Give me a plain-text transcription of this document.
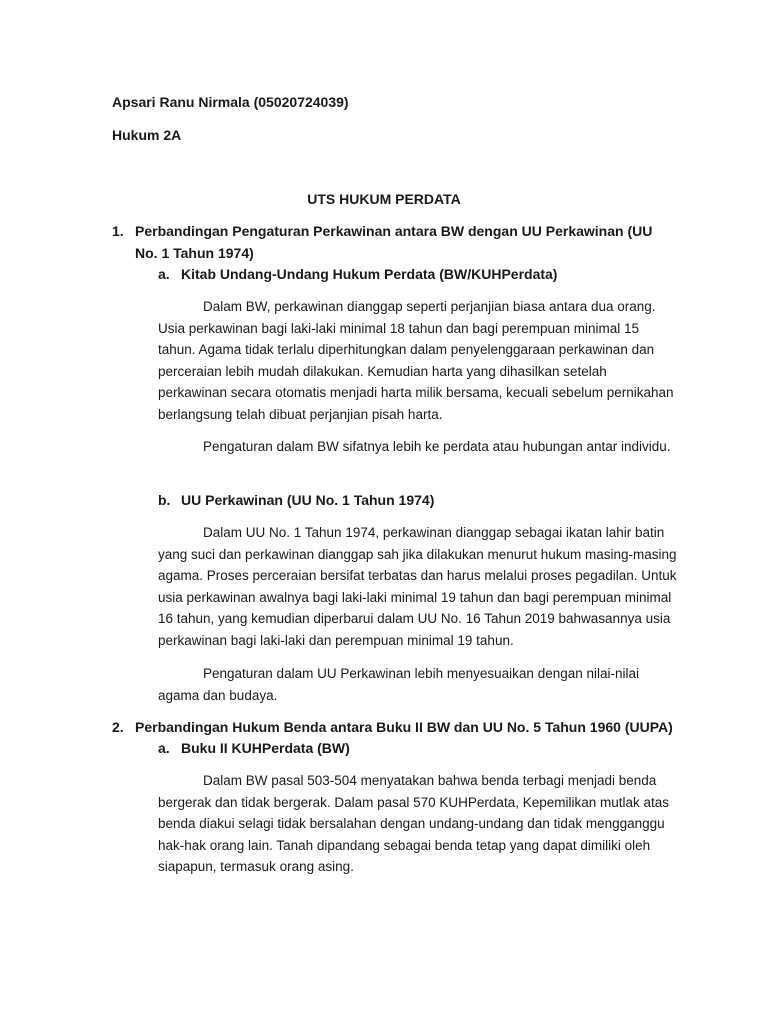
Apsari Ranu Nirmala (05020724039)
Hukum 2A
UTS HUKUM PERDATA
1. Perbandingan Pengaturan Perkawinan antara BW dengan UU Perkawinan (UU No. 1 Tahun 1974)
a. Kitab Undang-Undang Hukum Perdata (BW/KUHPerdata)

Dalam BW, perkawinan dianggap seperti perjanjian biasa antara dua orang. Usia perkawinan bagi laki-laki minimal 18 tahun dan bagi perempuan minimal 15 tahun. Agama tidak terlalu diperhitungkan dalam penyelenggaraan perkawinan dan perceraian lebih mudah dilakukan. Kemudian harta yang dihasilkan setelah perkawinan secara otomatis menjadi harta milik bersama, kecuali sebelum pernikahan berlangsung telah dibuat perjanjian pisah harta.

Pengaturan dalam BW sifatnya lebih ke perdata atau hubungan antar individu.

b. UU Perkawinan (UU No. 1 Tahun 1974)

Dalam UU No. 1 Tahun 1974, perkawinan dianggap sebagai ikatan lahir batin yang suci dan perkawinan dianggap sah jika dilakukan menurut hukum masing-masing agama. Proses perceraian bersifat terbatas dan harus melalui proses pegadilan. Untuk usia perkawinan awalnya bagi laki-laki minimal 19 tahun dan bagi perempuan minimal 16 tahun, yang kemudian diperbarui dalam UU No. 16 Tahun 2019 bahwasannya usia perkawinan bagi laki-laki dan perempuan minimal 19 tahun.

Pengaturan dalam UU Perkawinan lebih menyesuaikan dengan nilai-nilai agama dan budaya.

2. Perbandingan Hukum Benda antara Buku II BW dan UU No. 5 Tahun 1960 (UUPA)
a. Buku II KUHPerdata (BW)

Dalam BW pasal 503-504 menyatakan bahwa benda terbagi menjadi benda bergerak dan tidak bergerak. Dalam pasal 570 KUHPerdata, Kepemilikan mutlak atas benda diakui selagi tidak bersalahan dengan undang-undang dan tidak mengganggu hak-hak orang lain. Tanah dipandang sebagai benda tetap yang dapat dimiliki oleh siapapun, termasuk orang asing.
